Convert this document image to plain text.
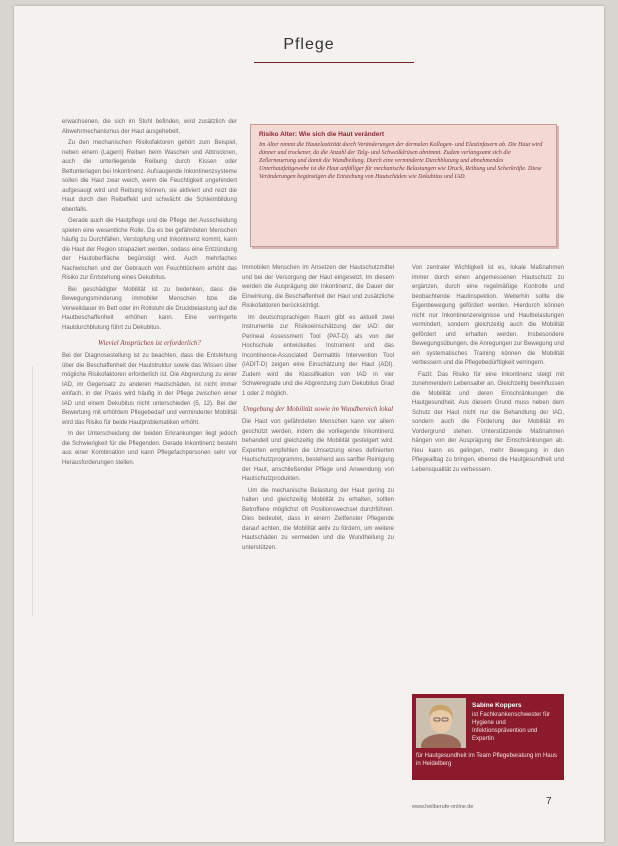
Pflege

erwachsenen, die sich im Stuhl befinden, wird zusätzlich der Abwehrmechanismus der Haut ausgehebelt.

Zu den mechanischen Risikofaktoren gehört zum Beispiel, neben einem (Lagern) Reiben beim Waschen und Abtrocknen, auch die unterliegende Reibung durch Kissen oder Bettunterlagen bei Inkontinenz. Aufsaugende Inkontinenzsysteme sollen die Haut zwar weich, wenn die Feuchtigkeit ungehindert aufgesaugt wird und Reibung können, sie aktiviert und reizt die Haut durch den Reibeffekt und schwächt die Schleimbildung ebenfalls.

Gerade auch die Hautpflege und die Pflege der Ausscheidung spielen eine wesentliche Rolle. Da es bei gefährdeten Menschen häufig zu Durchfällen, Verstopfung und Inkontinenz kommt, kann die Haut der Region strapaziert werden, sodass eine Entzündung der Hautoberfläche begünstigt wird. Auch mehrfaches Nachwischen und der Gebrauch von Feuchttüchern erhöht das Risiko zur Entstehung eines Dekubitus.

Bei geschädigter Mobilität ist zu bedenken, dass die Bewegungsminderung immobiler Menschen bzw. die Verweildauer im Bett oder im Rollstuhl die Druckbelastung auf die Hautbeschaffenheit erhöhen kann. Eine verringerte Hautdurchblutung führt zu Dekubitus.

Wieviel Ansprüchen ist erforderlich?

Bei der Diagnosestellung ist zu beachten, dass die Entstehung über die Beschaffenheit der Hautstruktur sowie das Wissen über mögliche Risikofaktoren erforderlich ist. Die Abgrenzung zu einer IAD, im Gegensatz zu anderen Hautschäden, ist nicht immer einfach, in der Praxis wird häufig in der Pflege zwischen einer IAD und einem Dekubitus nicht unterschieden (5, 12). Bei der Bewertung mit erhöhtem Pflegebedarf und verminderter Mobilität wird das Risiko für beide Hautproblematiken erhöht.

In der Unterscheidung der beiden Erkrankungen liegt jedoch die Schwierigkeit für die Pflegenden. Gerade Inkontinenz besteht aus einer Kombination und kann Pflegefachpersonen sehr vor Herausforderungen stellen.

Risiko Alter: Wie sich die Haut verändert
Im Alter nimmt die Hautelastizität durch Veränderungen der dermalen Kollagen- und Elastinfasern ab. Die Haut wird dünner und trockener, da die Anzahl der Talg- und Schweißdrüsen abnimmt. Zudem verlangsamt sich die Zellerneuerung und damit die Wundheilung. Durch eine verminderte Durchblutung und abnehmendes Unterhautfettgewebe ist die Haut anfälliger für mechanische Belastungen wie Druck, Reibung und Scherkräfte. Diese Veränderungen begünstigen die Entstehung von Hautschäden wie Dekubitus und IAD.

Immobilen Menschen im Ansetzen der Hautschutzmittel und bei der Versorgung der Haut eingesetzt. Im diesem werden die Ausprägung der Inkontinenz, die Dauer der Einwirkung, die Beschaffenheit der Haut und zusätzliche Risikofaktoren berücksichtigt.

Im deutschsprachigen Raum gibt es aktuell zwei Instrumente zur Risikoeinschätzung der IAD: der Perineal Assessment Tool (PAT-D) als von der Hochschule entwickeltes Instrument und das Incontinence-Associated Dermatitis Intervention Tool (IADIT-D) zeigen eine Einschätzung der Haut (ADI). Zudem wird die Klassifikation von IAD in vier Schweregrade und die Abgrenzung zum Dekubitus Grad 1 oder 2 möglich.

Umgebung der Mobilität sowie im Wundbereich lokal

Die Haut von gefährdeten Menschen kann vor allem geschützt werden, indem die vorliegende Inkontinenz behandelt und gleichzeitig die Mobilität gesteigert wird. Experten empfehlen die Umsetzung eines definierten Hautschutzprogramms, bestehend aus sanfter Reinigung der Haut, anschließender Pflege und Anwendung von Hautschutzprodukten.

Um die mechanische Belastung der Haut gering zu halten und gleichzeitig Mobilität zu erhalten, sollten Betroffene möglichst oft Positionswechsel durchführen. Dies bedeutet, dass in einem Zeitfenster Pflegende darauf achten, die Mobilität aktiv zu fördern, um weitere Hautschäden zu vermeiden und die Wundheilung zu unterstützen.

Von zentraler Wichtigkeit ist es, lokale Maßnahmen immer durch einen angemessenen Hautschutz zu ergänzen, durch eine regelmäßige Kontrolle und beobachtende Hautinspektion. Weiterhin sollte die Eigenbewegung gefördert werden. Hierdurch können nicht nur Inkontinenzereignisse und Hautbelastungen vermindert, sondern gleichzeitig auch die Mobilität gefördert und erhalten werden. Insbesondere Bewegungsübungen, die Anregungen zur Bewegung und ein systematisches Training können die Mobilität verbessern und die Pflegebedürftigkeit verringern.

Fazit: Das Risiko für eine Inkontinenz steigt mit zunehmendem Lebensalter an. Gleichzeitig beeinflussen die Mobilität und deren Einschränkungen die Hautgesundheit. Aus diesem Grund muss neben dem Schutz der Haut nicht nur die Behandlung der IAD, sondern auch die Förderung der Mobilität im Vordergrund stehen. Unterstützende Maßnahmen hängen von der Ausprägung der Einschränkungen ab. Neu kann es gelingen, mehr Bewegung in den Pflegealltag zu bringen, ebenso die Hautgesundheit und Lebensqualität zu verbessern.

Sabine Koppers
ist Fachkrankenschwester für Hygiene und Infektionsprävention und Expertin
für Hautgesundheit im Team Pflegeberatung im Haus in Heidelberg
www.heilberufe-online.de	7
